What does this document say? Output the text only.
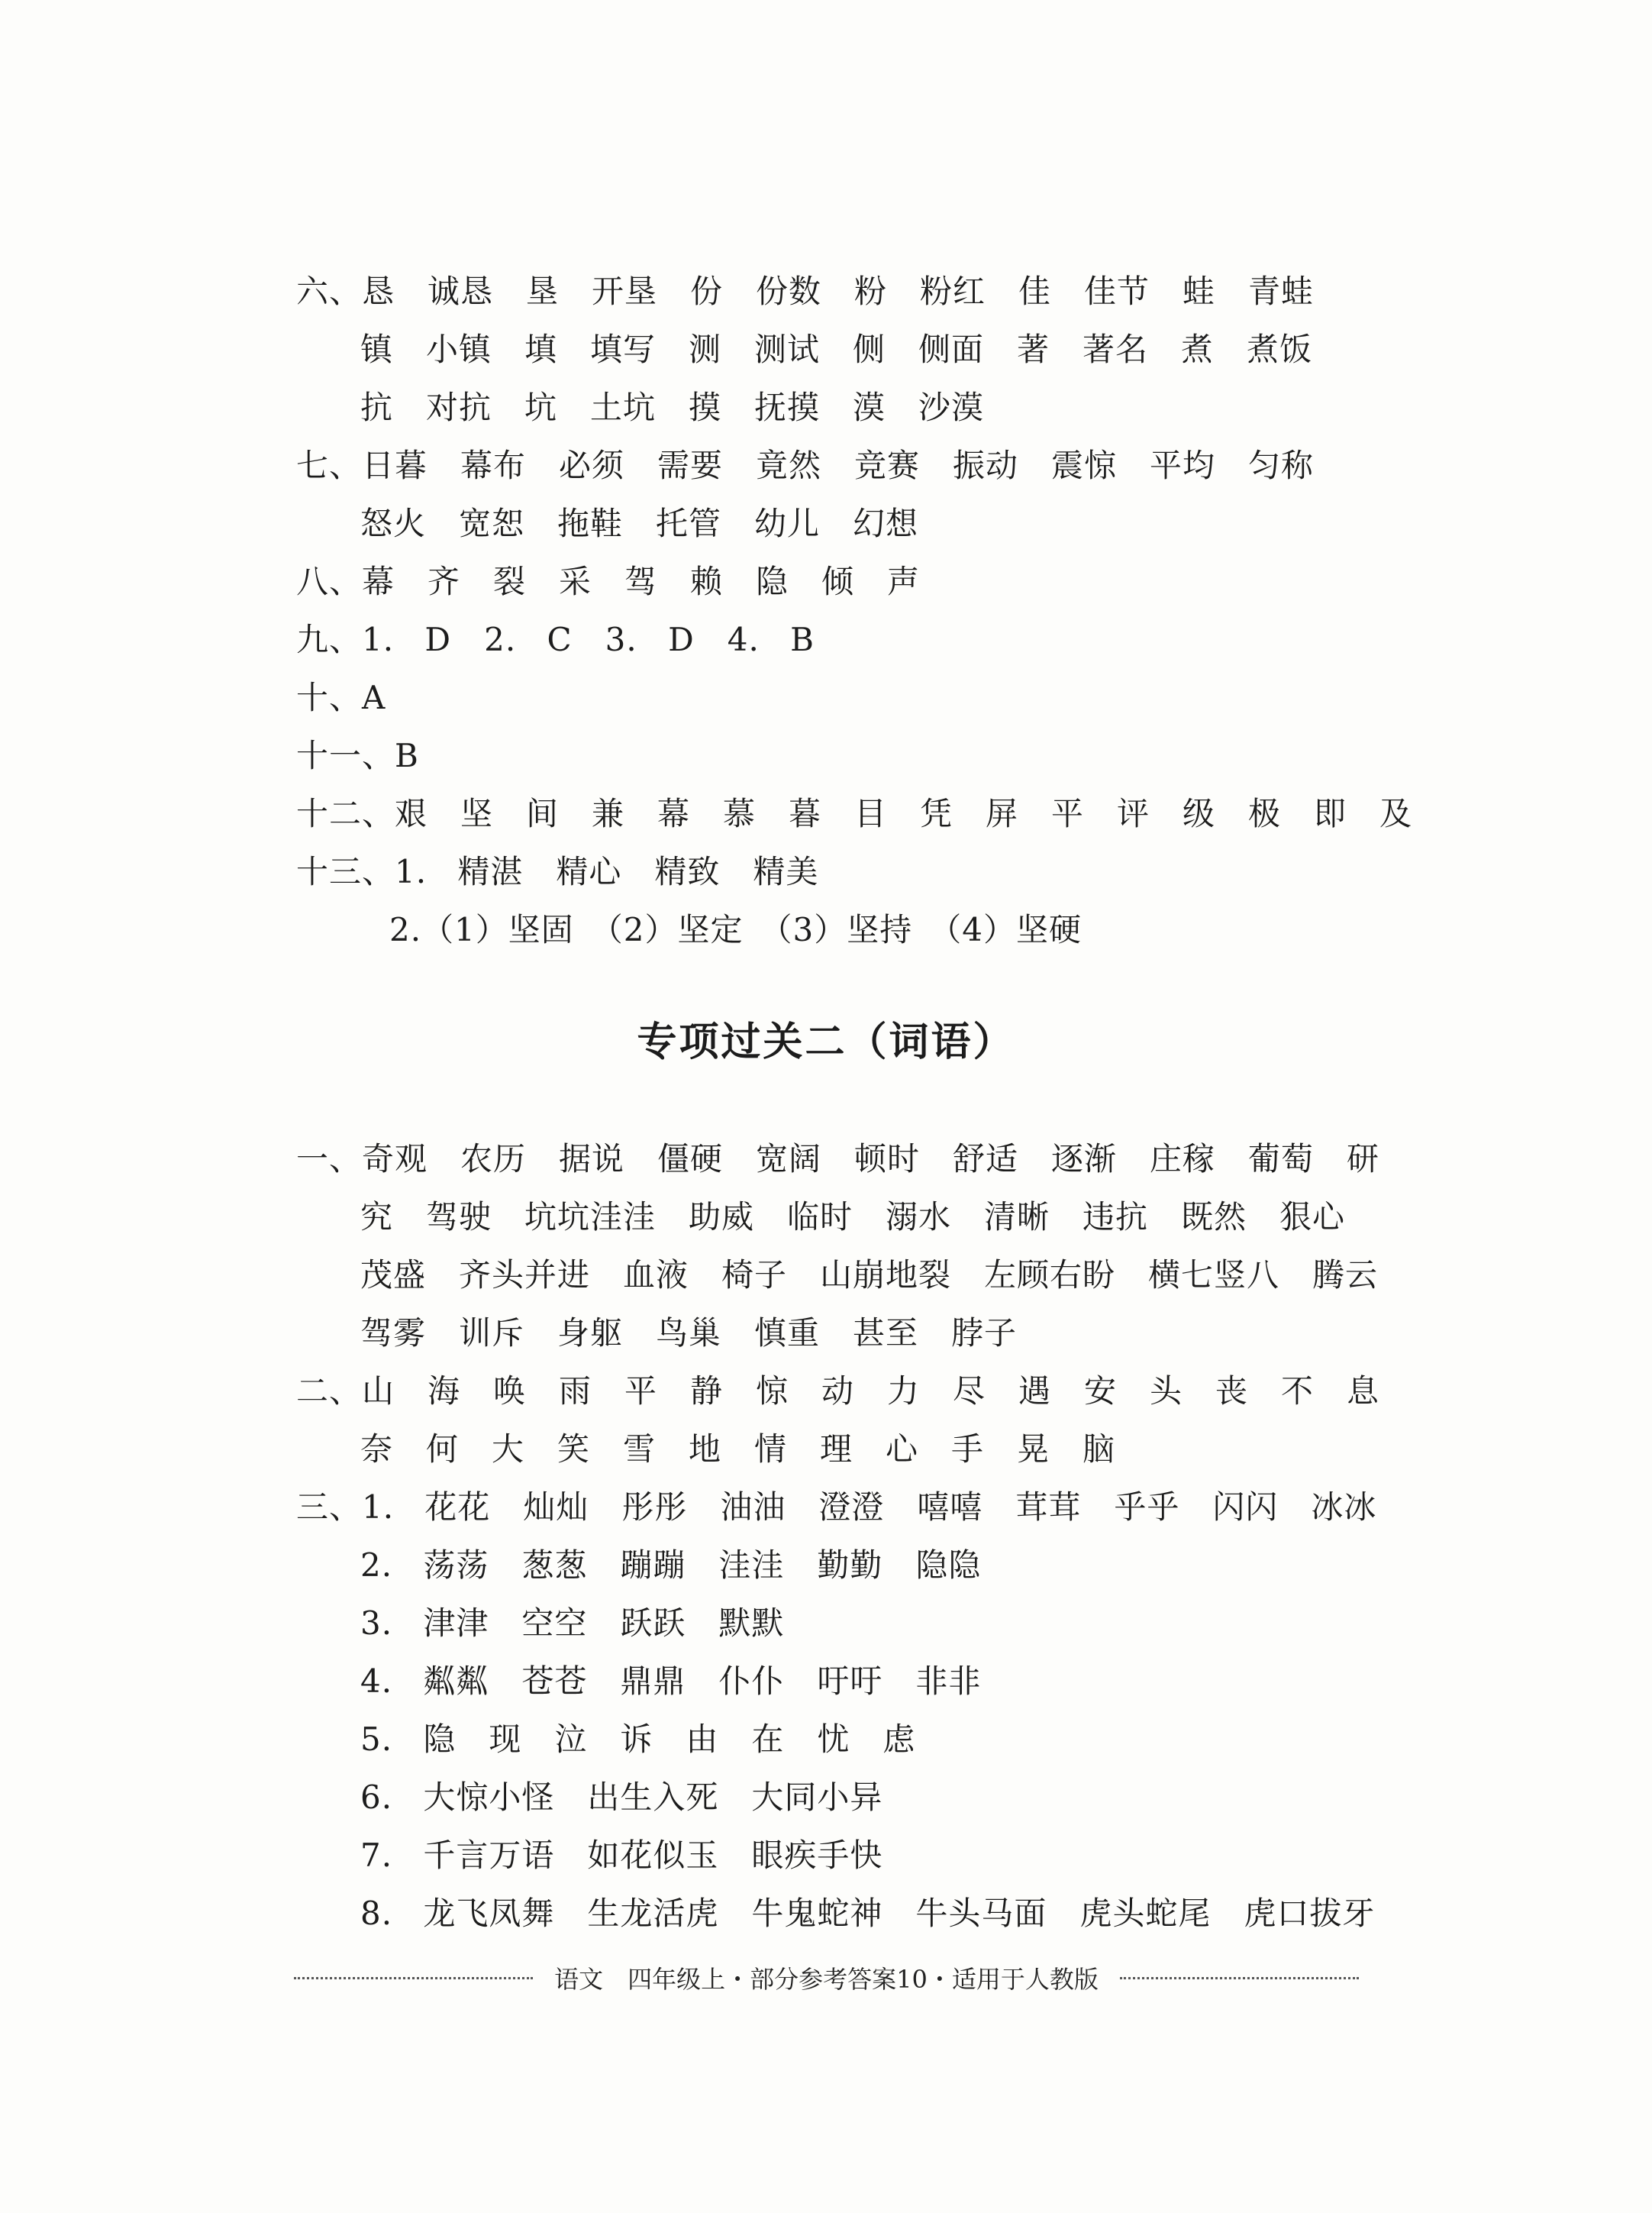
六、恳　诚恳　垦　开垦　份　份数　粉　粉红　佳　佳节　蛙　青蛙
镇　小镇　填　填写　测　测试　侧　侧面　著　著名　煮　煮饭
抗　对抗　坑　土坑　摸　抚摸　漠　沙漠
七、日暮　幕布　必须　需要　竟然　竞赛　振动　震惊　平均　匀称
怒火　宽恕　拖鞋　托管　幼儿　幻想
八、幕　齐　裂　采　驾　赖　隐　倾　声
九、1. D　2. C　3. D　4. B
十、A
十一、B
十二、艰　坚　间　兼　幕　慕　暮　目　凭　屏　平　评　级　极　即　及
十三、1. 精湛　精心　精致　精美
2.（1）坚固　（2）坚定　（3）坚持　（4）坚硬
专项过关二（词语）
一、奇观　农历　据说　僵硬　宽阔　顿时　舒适　逐渐　庄稼　葡萄　研
究　驾驶　坑坑洼洼　助威　临时　溺水　清晰　违抗　既然　狠心
茂盛　齐头并进　血液　椅子　山崩地裂　左顾右盼　横七竖八　腾云
驾雾　训斥　身躯　鸟巢　慎重　甚至　脖子
二、山　海　唤　雨　平　静　惊　动　力　尽　遇　安　头　丧　不　息
奈　何　大　笑　雪　地　情　理　心　手　晃　脑
三、1. 花花　灿灿　彤彤　油油　澄澄　嘻嘻　茸茸　乎乎　闪闪　冰冰
2. 荡荡　葱葱　蹦蹦　洼洼　勤勤　隐隐
3. 津津　空空　跃跃　默默
4. 粼粼　苍苍　鼎鼎　仆仆　吁吁　非非
5. 隐　现　泣　诉　由　在　忧　虑
6. 大惊小怪　出生入死　大同小异
7. 千言万语　如花似玉　眼疾手快
8. 龙飞凤舞　生龙活虎　牛鬼蛇神　牛头马面　虎头蛇尾　虎口拔牙
语文　四年级上・部分参考答案10・适用于人教版
